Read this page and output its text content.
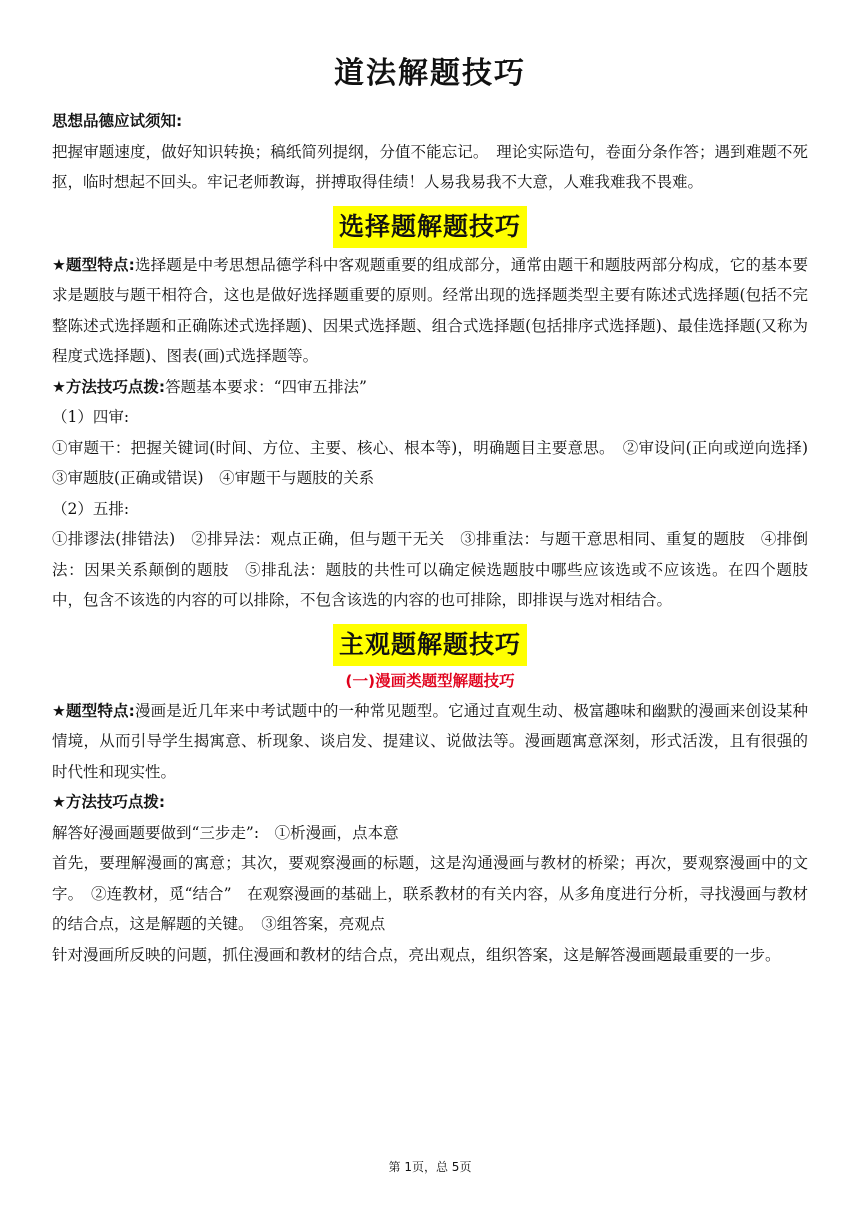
道法解题技巧

思想品德应试须知:

把握审题速度，做好知识转换；稿纸简列提纲，分值不能忘记。　理论实际造句，卷面分条作答；遇到难题不死抠，临时想起不回头。牢记老师教诲，拼搏取得佳绩！人易我易我不大意，人难我难我不畏难。

选择题解题技巧

★题型特点:选择题是中考思想品德学科中客观题重要的组成部分，通常由题干和题肢两部分构成，它的基本要求是题肢与题干相符合，这也是做好选择题重要的原则。经常出现的选择题类型主要有陈述式选择题(包括不完整陈述式选择题和正确陈述式选择题)、因果式选择题、组合式选择题(包括排序式选择题)、最佳选择题(又称为程度式选择题)、图表(画)式选择题等。

★方法技巧点拨:答题基本要求：“四审五排法”

（1）四审:

①审题干：把握关键词(时间、方位、主要、核心、根本等)，明确题目主要意思。　②审设问(正向或逆向选择)　③审题肢(正确或错误)　④审题干与题肢的关系

（2）五排:

①排谬法(排错法)　②排异法：观点正确，但与题干无关　③排重法：与题干意思相同、重复的题肢　④排倒法：因果关系颠倒的题肢　⑤排乱法：题肢的共性可以确定候选题肢中哪些应该选或不应该选。在四个题肢中，包含不该选的内容的可以排除，不包含该选的内容的也可排除，即排误与选对相结合。

主观题解题技巧

(一)漫画类题型解题技巧

★题型特点:漫画是近几年来中考试题中的一种常见题型。它通过直观生动、极富趣味和幽默的漫画来创设某种情境，从而引导学生揭寓意、析现象、谈启发、提建议、说做法等。漫画题寓意深刻，形式活泼，且有很强的时代性和现实性。

★方法技巧点拨:

解答好漫画题要做到“三步走”:　①析漫画，点本意

首先，要理解漫画的寓意；其次，要观察漫画的标题，这是沟通漫画与教材的桥梁；再次，要观察漫画中的文字。　②连教材，觅“结合”　在观察漫画的基础上，联系教材的有关内容，从多角度进行分析，寻找漫画与教材的结合点，这是解题的关键。　③组答案，亮观点

针对漫画所反映的问题，抓住漫画和教材的结合点，亮出观点，组织答案，这是解答漫画题最重要的一步。

第 1页，总 5页
